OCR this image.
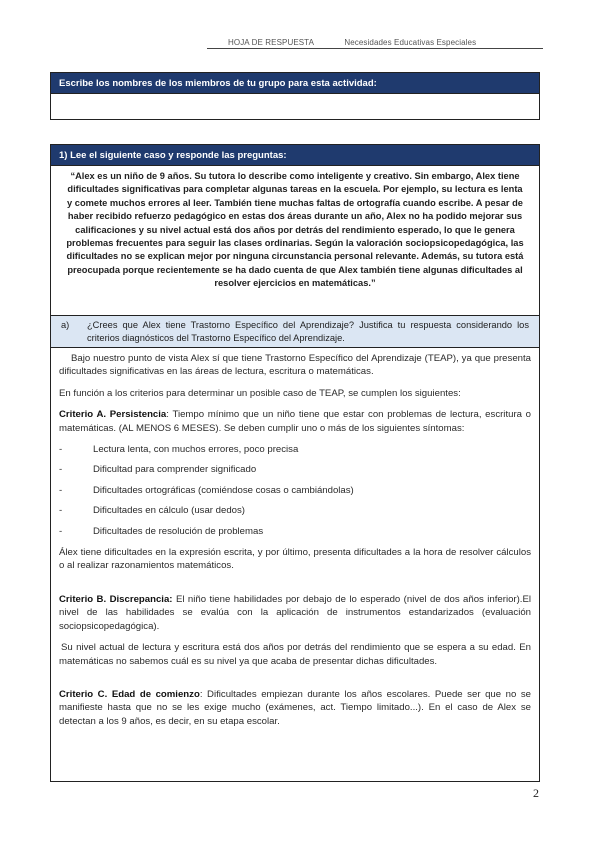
HOJA DE RESPUESTA	Necesidades Educativas Especiales
Escribe los nombres de los miembros de tu grupo para esta actividad:
1) Lee el siguiente caso y responde las preguntas:
“Alex es un niño de 9 años. Su tutora lo describe como inteligente y creativo. Sin embargo, Alex tiene dificultades significativas para completar algunas tareas en la escuela. Por ejemplo, su lectura es lenta y comete muchos errores al leer. También tiene muchas faltas de ortografía cuando escribe. A pesar de haber recibido refuerzo pedagógico en estas dos áreas durante un año, Alex no ha podido mejorar sus calificaciones y su nivel actual está dos años por detrás del rendimiento esperado, lo que le genera problemas frecuentes para seguir las clases ordinarias. Según la valoración sociopsicopedagógica, las dificultades no se explican mejor por ninguna circunstancia personal relevante. Además, su tutora está preocupada porque recientemente se ha dado cuenta de que Alex también tiene algunas dificultades al resolver ejercicios en matemáticas.”
a)	¿Crees que Alex tiene Trastorno Específico del Aprendizaje? Justifica tu respuesta considerando los criterios diagnósticos del Trastorno Específico del Aprendizaje.

Bajo nuestro punto de vista Alex sí que tiene Trastorno Específico del Aprendizaje (TEAP), ya que presenta dificultades significativas en las áreas de lectura, escritura o matemáticas.

En función a los criterios para determinar un posible caso de TEAP, se cumplen los siguientes:

Criterio A. Persistencia: Tiempo mínimo que un niño tiene que estar con problemas de lectura, escritura o matemáticas. (AL MENOS 6 MESES). Se deben cumplir uno o más de los siguientes síntomas:

-	Lectura lenta, con muchos errores, poco precisa
-	Dificultad para comprender significado
-	Dificultades ortográficas (comiéndose cosas o cambiándolas)
-	Dificultades en cálculo (usar dedos)
-	Dificultades de resolución de problemas

Álex tiene dificultades en la expresión escrita, y por último, presenta dificultades a la hora de resolver cálculos o al realizar razonamientos matemáticos.

Criterio B. Discrepancia: El niño tiene habilidades por debajo de lo esperado (nivel de dos años inferior).El nivel de las habilidades se evalúa con la aplicación de instrumentos estandarizados (evaluación sociopsicopedagógica).

Su nivel actual de lectura y escritura está dos años por detrás del rendimiento que se espera a su edad. En matemáticas no sabemos cuál es su nivel ya que acaba de presentar dichas dificultades.

Criterio C. Edad de comienzo: Dificultades empiezan durante los años escolares. Puede ser que no se manifieste hasta que no se les exige mucho (exámenes, act. Tiempo limitado...). En el caso de Alex se detectan a los 9 años, es decir, en su etapa escolar.

2
